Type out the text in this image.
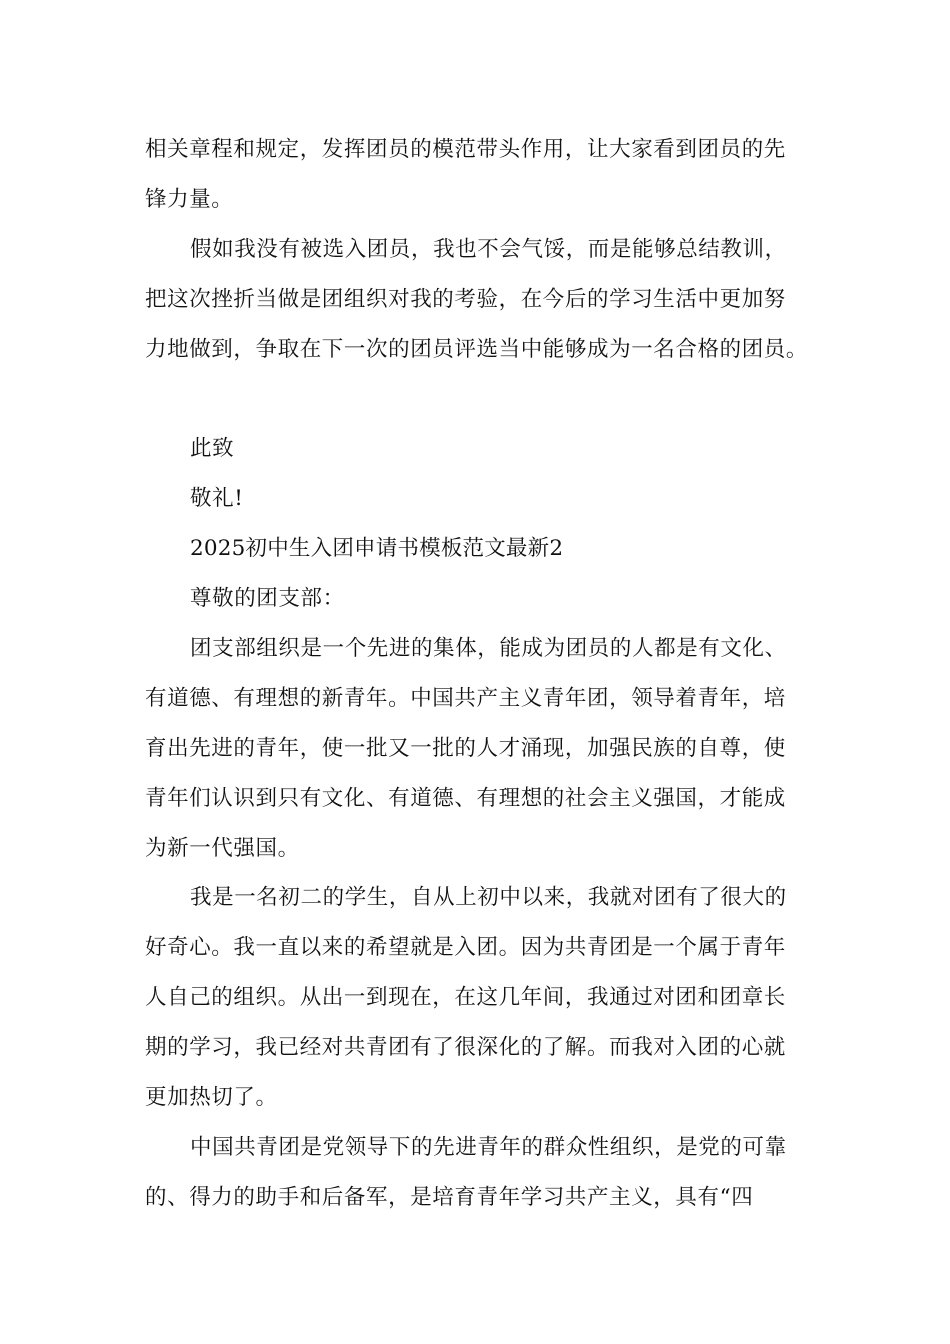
相关章程和规定，发挥团员的模范带头作用，让大家看到团员的先
锋力量。
假如我没有被选入团员，我也不会气馁，而是能够总结教训，
把这次挫折当做是团组织对我的考验，在今后的学习生活中更加努
力地做到，争取在下一次的团员评选当中能够成为一名合格的团员。
此致
敬礼!
2025初中生入团申请书模板范文最新2
尊敬的团支部：
团支部组织是一个先进的集体，能成为团员的人都是有文化、
有道德、有理想的新青年。中国共产主义青年团，领导着青年，培
育出先进的青年，使一批又一批的人才涌现，加强民族的自尊，使
青年们认识到只有文化、有道德、有理想的社会主义强国，才能成
为新一代强国。
我是一名初二的学生，自从上初中以来，我就对团有了很大的
好奇心。我一直以来的希望就是入团。因为共青团是一个属于青年
人自己的组织。从出一到现在，在这几年间，我通过对团和团章长
期的学习，我已经对共青团有了很深化的了解。而我对入团的心就
更加热切了。
中国共青团是党领导下的先进青年的群众性组织，是党的可靠
的、得力的助手和后备军，是培育青年学习共产主义，具有“四
